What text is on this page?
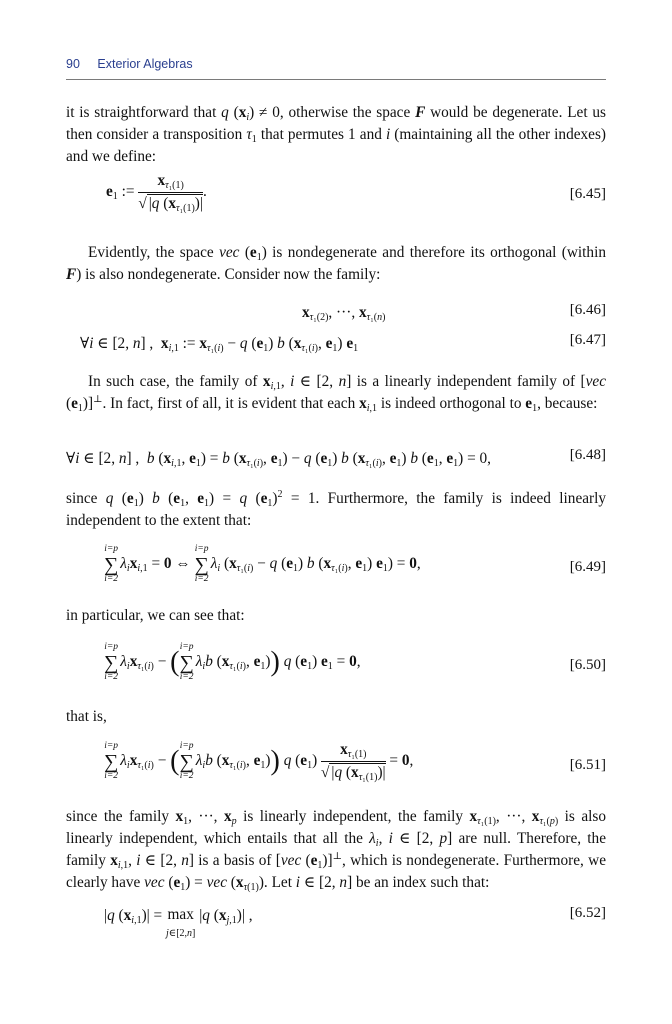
90 Exterior Algebras
it is straightforward that q $(x_i) \ne 0$, otherwise the space F would be degenerate. Let us then consider a transposition $\tau_1$ that permutes 1 and i (maintaining all the other indexes) and we define:
$e_1$ := $\frac{x_{\tau_1(1)}}{√ |q (x_{\tau_1(1)})|}$ .	[6.45]
Evidently, the space vec $(e_1)$ is nondegenerate and therefore its orthogonal (within F) is also nondegenerate. Consider now the family:
$x_{\tau_1(2)}$, ···, $x_{\tau_1(n)}$	[6.46]
∀i ∈ [2, n] ,  $x_{i,1}$ := $x_{\tau_1(i)} - q$ $(e_1)$ b ($x_{\tau_1(i)}$, $e_1$) $e_1$
[6.47]
In such case, the family of $x_{i,1}$, i ∈ [2, n] is a linearly independent family of [vec $(e_1)]^\perp$. In fact, first of all, it is evident that each $x_{i,1}$ is indeed orthogonal to $e_1$, because:
∀i ∈ [2, n] ,  b ($x_{i,1}$, $e_1) = b$ ($x_{\tau_1(i)}$, $e_1) - q$ $(e_1)$ b ($x_{\tau_1(i)}$, $e_1$) b ($e_1$, $e_1) = 0$,	[6.48]
since q $(e_1)$ b ($e_1$, $e_1) = q$ $(e_1)^2 = 1$. Furthermore, the family is indeed linearly independent to the extent that:
i=p
∑
i=2
$\lambda_ix_{i,1} = 0$ ⇔
i=p
∑
i=2
$\lambda_i$ ($x_{\tau_1(i)} - q$ $(e_1)$ b ($x_{\tau_1(i)}$, $e_1$) $e_1) = 0$,	[6.49]
in particular, we can see that:
i=p
∑
i=2
$\lambda_ix_{\tau_1(i)}$ − ( i=p
∑
i=2
$\lambda_ib$ ($x_{\tau_1(i)}$, $e_1$)) q $(e_1) e_1 = 0$,	[6.50]
that is,
i=p
∑
i=2
$\lambda_ix_{\tau_1(i)}$ − ( i=p
∑
i=2
$\lambda_ib$ ($x_{\tau_1(i)}$, $e_1$)) q $(e_1) \frac{x_{\tau_1(1)}}{√ |q (x_{\tau_1(1)})|} = 0$,	[6.51]
since the family $x_1$, ···, $x_p$ is linearly independent, the family $x_{\tau_1(1)}$, ···, $x_{\tau_1(p)}$ is also linearly independent, which entails that all the $\lambda_i$, i ∈ [2, p] are null. Therefore, the family $x_{i,1}$, i ∈ [2, n] is a basis of [vec $(e_1)]^\perp$, which is nondegenerate. Furthermore, we clearly have vec $(e_1)$ = vec $(x_{\tau(1)})$. Let i ∈ [2, n] be an index such that:
|q $(x_{i,1})| = \max$
j∈[2,n] |q $(x_{j,1})|$ ,	[6.52]
